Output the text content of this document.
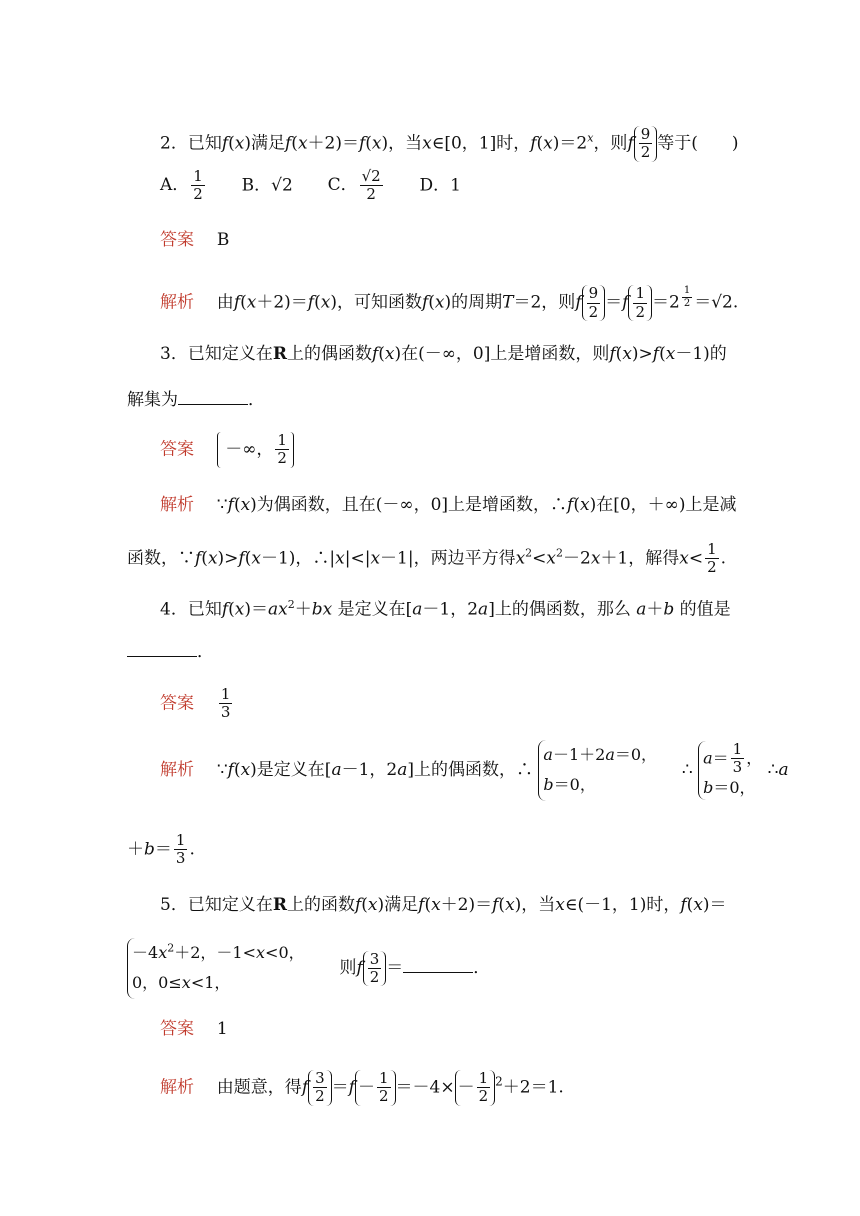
2．已知f(x)满足f(x＋2)＝f(x)，当x∈[0，1]时，$f(x)=2^x$，则f $\frac{9}{2}$ 等于(　　)
A． $\frac{1}{2}$ B．√2 C． $\frac{√2}{2}$ D．1
答案 B
解析  由f(x＋2)＝f(x)，可知函数f(x)的周期T＝2，则f $\frac{9}{2} =f \frac{1}{2} =2$ $^{\frac{1}{2}}$ ＝√2.
3．已知定义在R上的偶函数f(x)在(－∞，0]上是增函数，则f(x)>f(x－1)的
解集为	．
答案   －∞， $\frac{1}{2}$
解析  ∵f(x)为偶函数，且在(－∞，0]上是增函数，∴f(x)在[0，＋∞)上是减
函数，∵f(x)>f(x－1)，∴|x|<|x－1|，两边平方得$x^2<x^2-2x+1$，解得$x< \frac{1}{2}$ .
4．已知$f(x)=ax^2+bx$ 是定义在[a－1，2a]上的偶函数，那么 a＋b 的值是
．
答案 $\frac{1}{3}$
解析 ∵f(x)是定义在[a－1，2a]上的偶函数，∴ a－1＋2a＝0，
b＝0，  ∴ $a= \frac{1}{3}$ ，
b＝0， ∴a
$+b= \frac{1}{3}$ .
5．已知定义在R上的函数f(x)满足f(x＋2)＝f(x)，当x∈(－1，1)时，f(x)＝
$-4x^2+2$，－1<x<0，
0，0≤x<1，  则f $\frac{3}{2}$ ＝	．
答案 1
解析  由题意，得f $\frac{3}{2} =f - \frac{1}{2} =-4\times - \frac{1}{2} ^2+2=1$.
